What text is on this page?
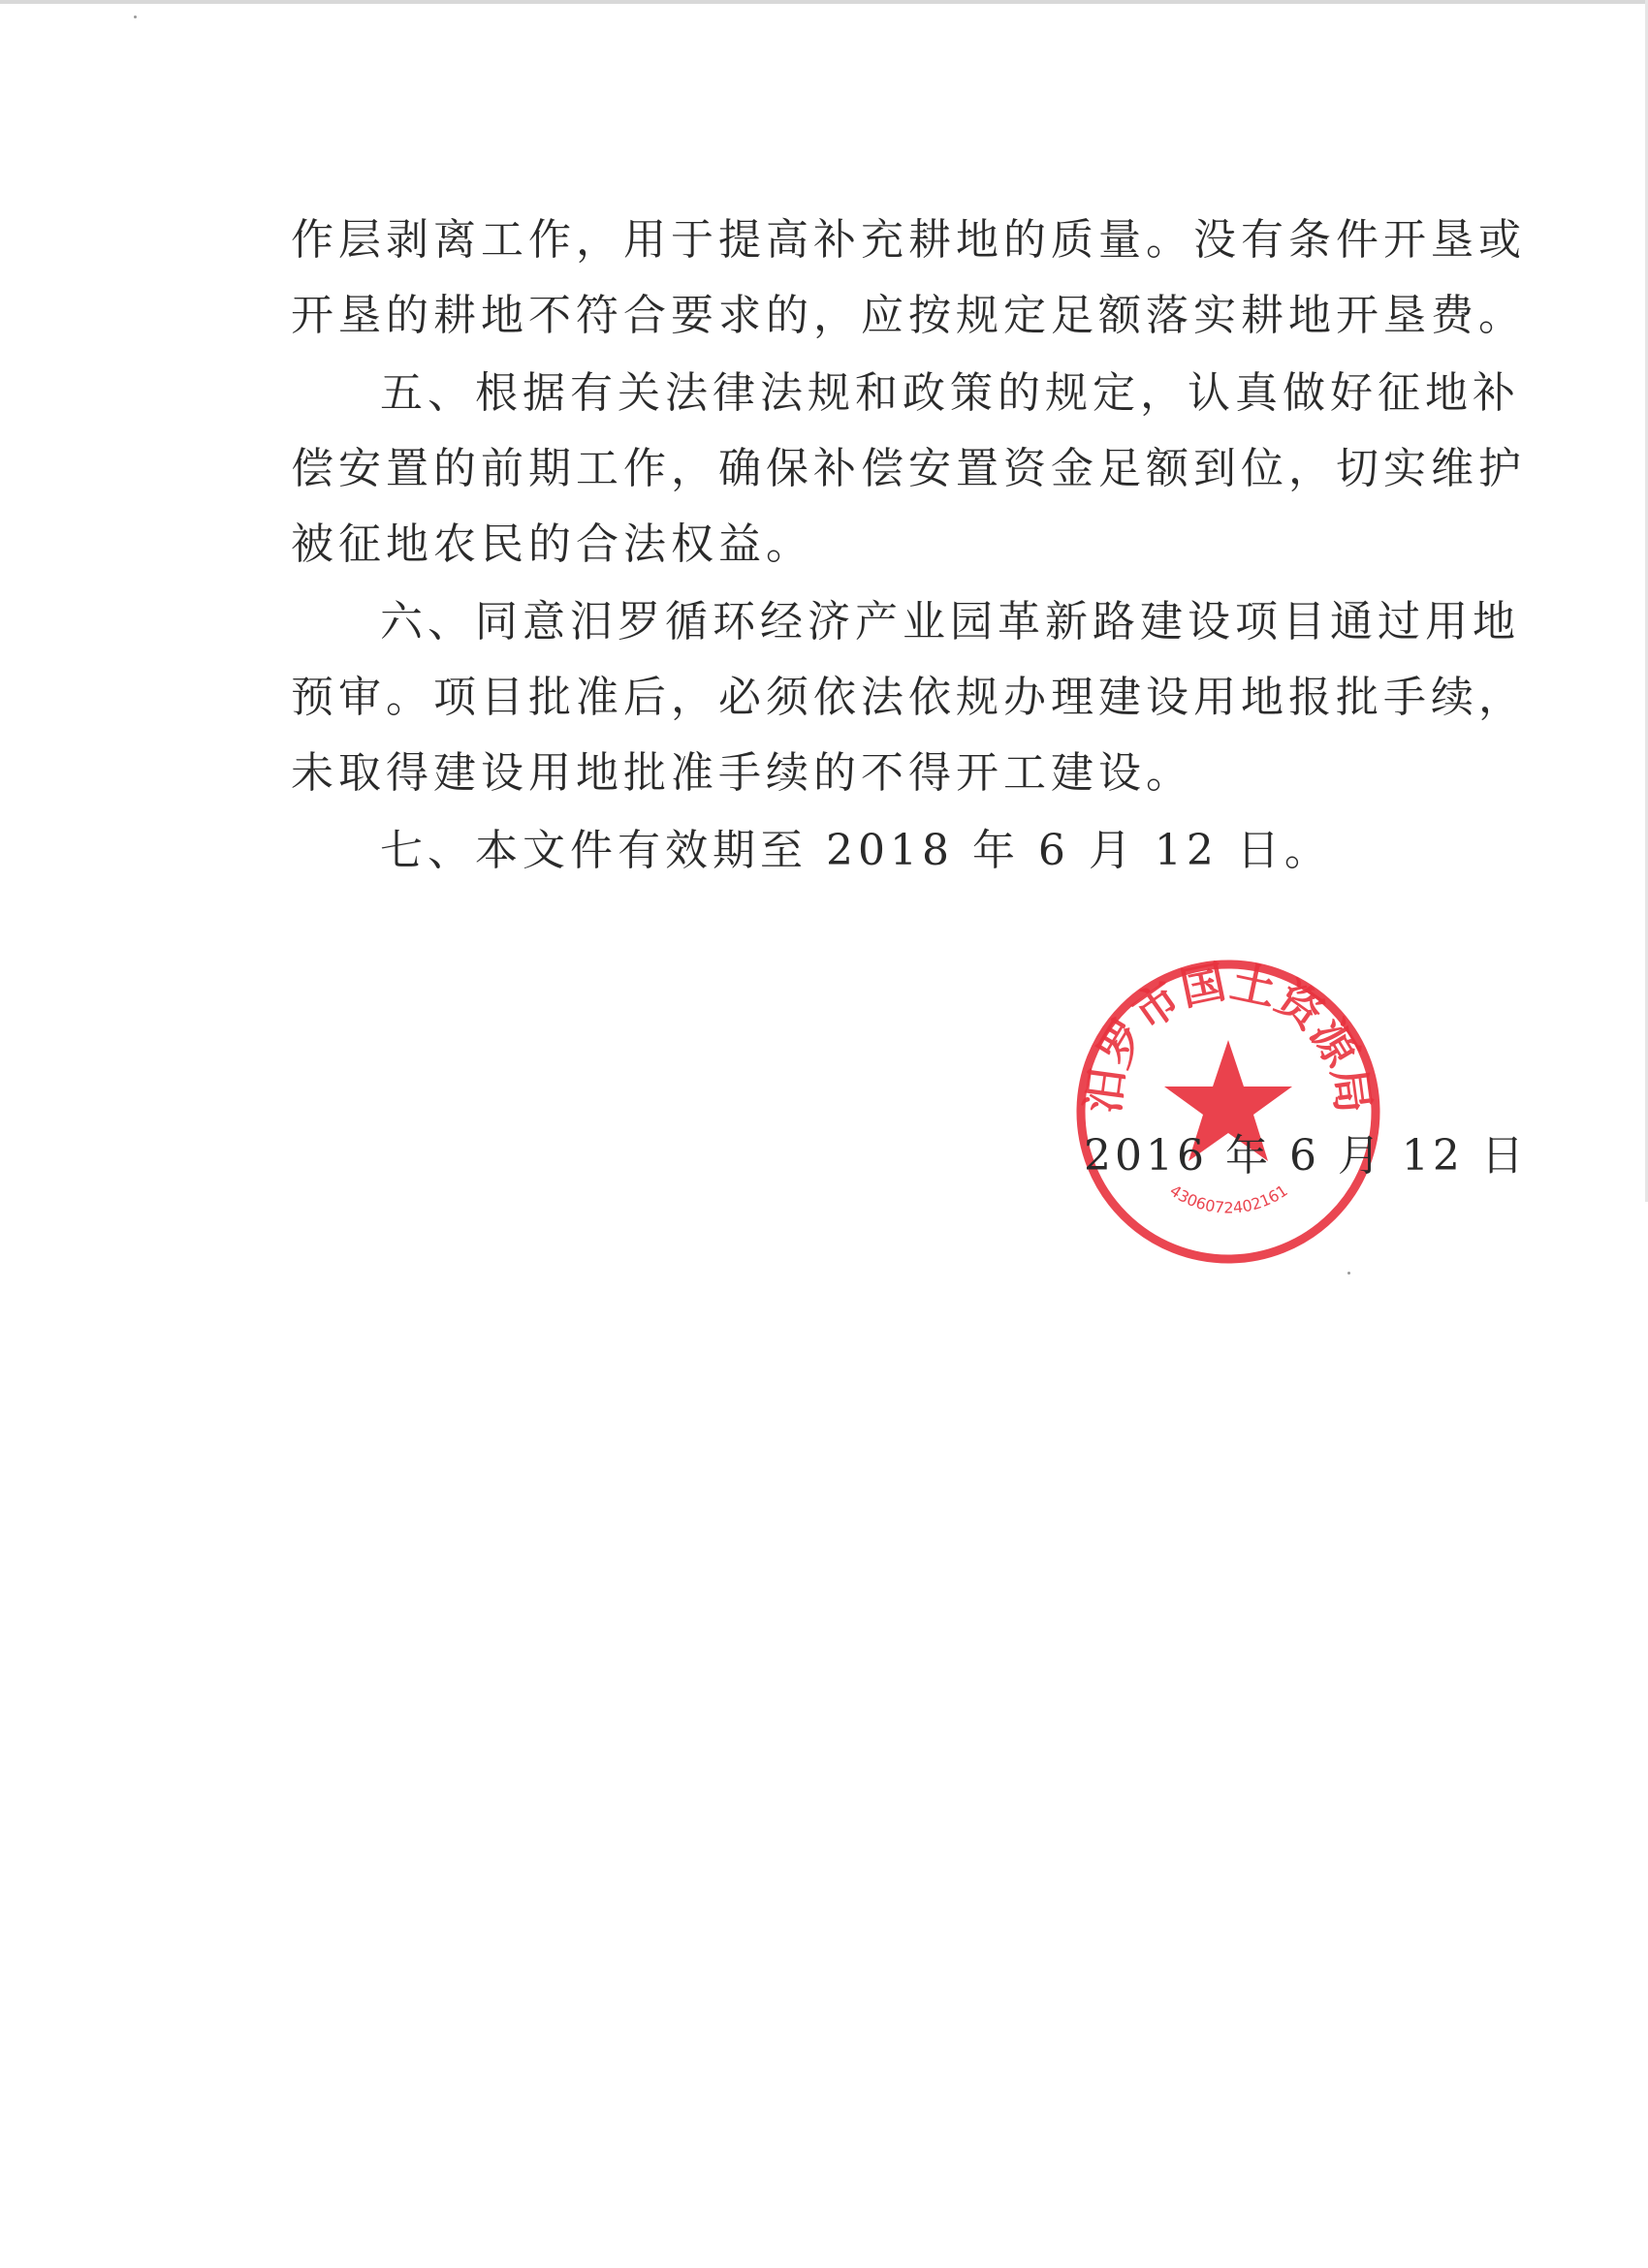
作层剥离工作，用于提高补充耕地的质量。没有条件开垦或
开垦的耕地不符合要求的，应按规定足额落实耕地开垦费。
五、根据有关法律法规和政策的规定，认真做好征地补
偿安置的前期工作，确保补偿安置资金足额到位，切实维护
被征地农民的合法权益。
六、同意汨罗循环经济产业园革新路建设项目通过用地
预审。项目批准后，必须依法依规办理建设用地报批手续，
未取得建设用地批准手续的不得开工建设。
七、本文件有效期至 2018 年 6 月 12 日。
汨罗市国土资源局
4306072402161
2016 年 6 月 12 日
